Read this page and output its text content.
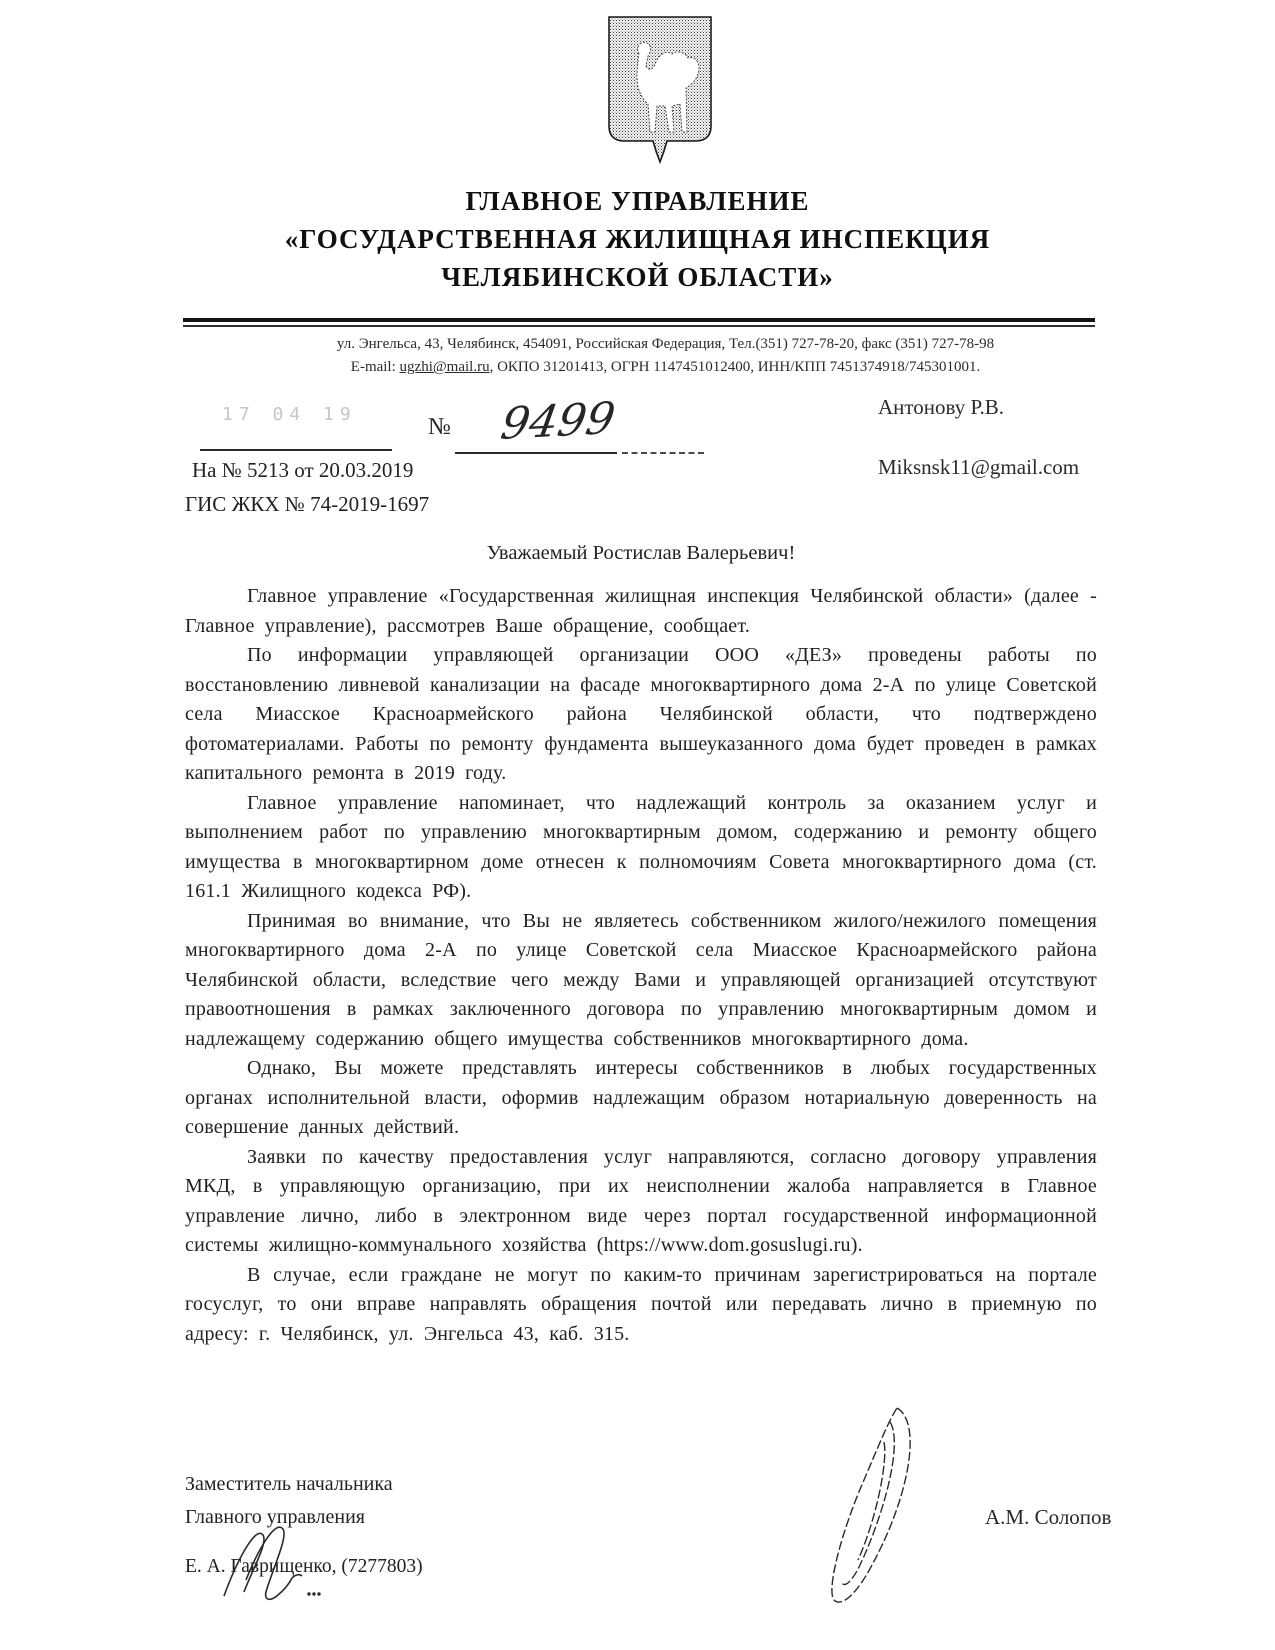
ГЛАВНОЕ УПРАВЛЕНИЕ
«ГОСУДАРСТВЕННАЯ ЖИЛИЩНАЯ ИНСПЕКЦИЯ
ЧЕЛЯБИНСКОЙ ОБЛАСТИ»
ул. Энгельса, 43, Челябинск, 454091, Российская Федерация, Тел.(351) 727-78-20, факс (351) 727-78-98
E-mail: ugzhi@mail.ru, ОКПО 31201413, ОГРН 1147451012400, ИНН/КПП 7451374918/745301001.
17 04 19	№ 9499
На № 5213 от 20.03.2019
ГИС ЖКХ № 74-2019-1697
Антонову Р.В.
Miksnsk11@gmail.com
Уважаемый Ростислав Валерьевич!

Главное управление «Государственная жилищная инспекция Челябинской области» (далее - Главное управление), рассмотрев Ваше обращение, сообщает.

По информации управляющей организации ООО «ДЕЗ» проведены работы по восстановлению ливневой канализации на фасаде многоквартирного дома 2-А по улице Советской села Миасское Красноармейского района Челябинской области, что подтверждено фотоматериалами. Работы по ремонту фундамента вышеуказанного дома будет проведен в рамках капитального ремонта в 2019 году.

Главное управление напоминает, что надлежащий контроль за оказанием услуг и выполнением работ по управлению многоквартирным домом, содержанию и ремонту общего имущества в многоквартирном доме отнесен к полномочиям Совета многоквартирного дома (ст. 161.1 Жилищного кодекса РФ).

Принимая во внимание, что Вы не являетесь собственником жилого/нежилого помещения многоквартирного дома 2-А по улице Советской села Миасское Красноармейского района Челябинской области, вследствие чего между Вами и управляющей организацией отсутствуют правоотношения в рамках заключенного договора по управлению многоквартирным домом и надлежащему содержанию общего имущества собственников многоквартирного дома.

Однако, Вы можете представлять интересы собственников в любых государственных органах исполнительной власти, оформив надлежащим образом нотариальную доверенность на совершение данных действий.

Заявки по качеству предоставления услуг направляются, согласно договору управления МКД, в управляющую организацию, при их неисполнении жалоба направляется в Главное управление лично, либо в электронном виде через портал государственной информационной системы жилищно-коммунального хозяйства (https://www.dom.gosuslugi.ru).

В случае, если граждане не могут по каким-то причинам зарегистрироваться на портале госуслуг, то они вправе направлять обращения почтой или передавать лично в приемную по адресу: г. Челябинск, ул. Энгельса 43, каб. 315.

Заместитель начальника
Главного управления	А.М. Солопов
Е. А. Гаврищенко, (7277803)
